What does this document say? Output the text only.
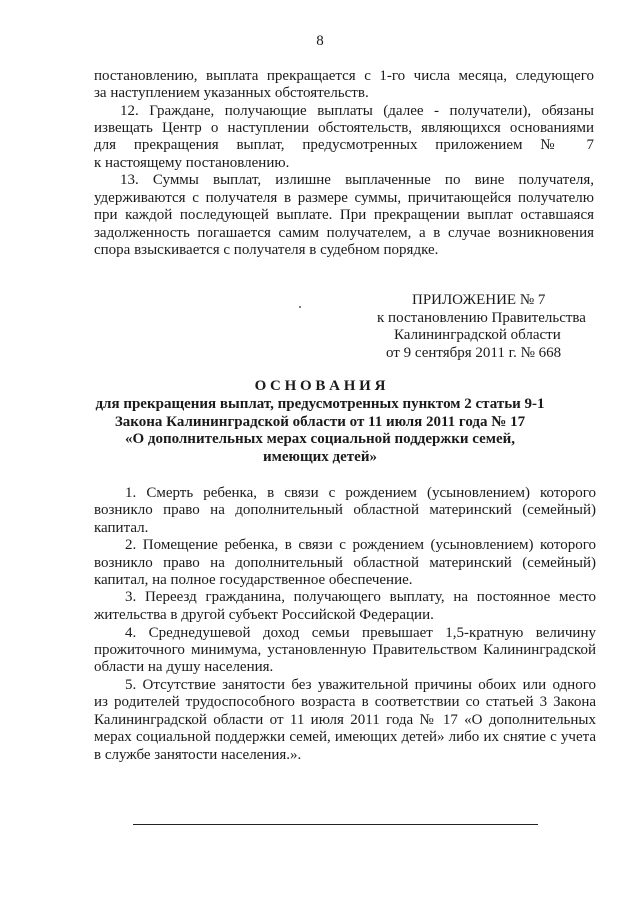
8
постановлению, выплата прекращается с 1-го числа месяца, следующего
за наступлением указанных обстоятельств.
12. Граждане, получающие выплаты (далее - получатели), обязаны
извещать Центр о наступлении обстоятельств, являющихся основаниями
для прекращения выплат, предусмотренных приложением № 7
к настоящему постановлению.
13. Суммы выплат, излишне выплаченные по вине получателя,
удерживаются с получателя в размере суммы, причитающейся получателю
при каждой последующей выплате. При прекращении выплат оставшаяся
задолженность погашается самим получателем, а в случае возникновения
спора взыскивается с получателя в судебном порядке.
ПРИЛОЖЕНИЕ № 7
к постановлению Правительства
Калининградской области
от 9 сентября 2011 г. № 668
О С Н О В А Н И Я
для прекращения выплат, предусмотренных пунктом 2 статьи 9-1
Закона Калининградской области от 11 июля 2011 года № 17
«О дополнительных мерах социальной поддержки семей,
имеющих детей»
1. Смерть ребенка, в связи с рождением (усыновлением) которого
возникло право на дополнительный областной материнский (семейный)
капитал.
2. Помещение ребенка, в связи с рождением (усыновлением) которого
возникло право на дополнительный областной материнский (семейный)
капитал, на полное государственное обеспечение.
3. Переезд гражданина, получающего выплату, на постоянное место
жительства в другой субъект Российской Федерации.
4. Среднедушевой доход семьи превышает 1,5-кратную величину
прожиточного минимума, установленную Правительством Калининградской
области на душу населения.
5. Отсутствие занятости без уважительной причины обоих или одного
из родителей трудоспособного возраста в соответствии со статьей 3 Закона
Калининградской области от 11 июля 2011 года № 17 «О дополнительных
мерах социальной поддержки семей, имеющих детей» либо их снятие с учета
в службе занятости населения.».
